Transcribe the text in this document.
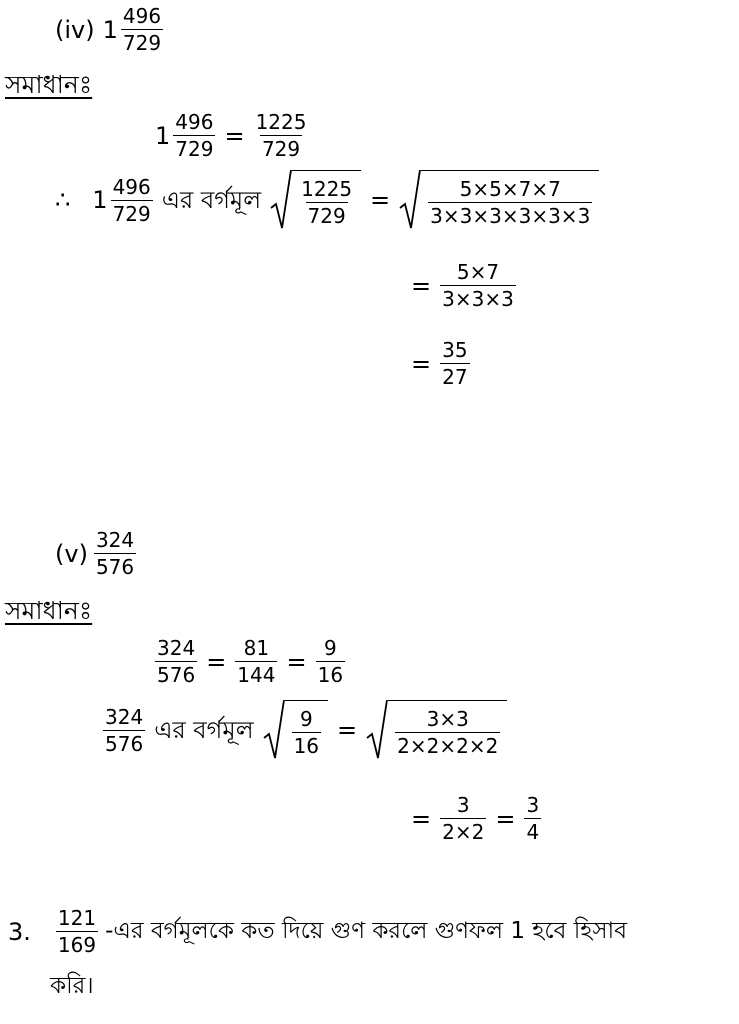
(iv) $1 \frac{496}{729}$
সমাধানঃ
$1 \frac{496}{729} = \frac{1225}{729}$
∴ $1 \frac{496}{729}$ এর বর্গমূল $\frac{1225}{729} = \frac{5\times 5\times 7\times 7}{3\times 3\times 3\times 3\times 3\times 3}$
= $\frac{5\times 7}{3\times 3\times 3}$
= $\frac{35}{27}$
$(v) \frac{324}{576}$
সমাধানঃ
$\frac{324}{576} = \frac{81}{144} = \frac{9}{16}$
$\frac{324}{576}$ এর বর্গমূল $\frac{9}{16} = \frac{3\times 3}{2\times 2\times 2\times 2}$
= $\frac{3}{2\times 2} = \frac{3}{4}$
3. $\frac{121}{169}$ -এর বর্গমূলকে কত দিয়ে গুণ করলে গুণফল 1 হবে হিসাব
করি।
